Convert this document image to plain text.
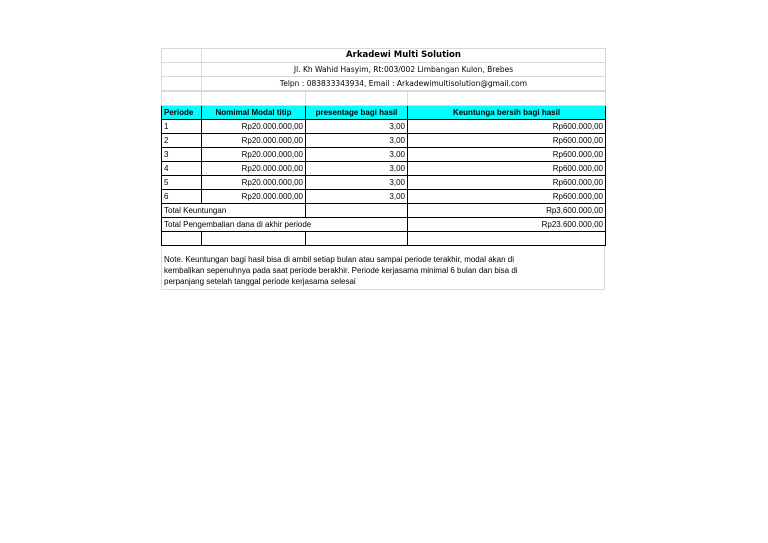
	Arkadewi Multi Solution
	Jl. Kh Wahid Hasyim, Rt:003/002 Limbangan Kulon, Brebes
	Telpn : 083833343934, Email : Arkadewimultisolution@gmail.com

Periode	Nomimal Modal titip	presentage bagi hasil	Keuntunga bersih bagi hasil
1	Rp20.000.000,00	3,00	Rp600.000,00
2	Rp20.000.000,00	3,00	Rp600.000,00
3	Rp20.000.000,00	3,00	Rp600.000,00
4	Rp20.000.000,00	3,00	Rp600.000,00
5	Rp20.000.000,00	3,00	Rp600.000,00
6	Rp20.000.000,00	3,00	Rp600.000,00
Total Keuntungan			Rp3.600.000,00
Total Pengembalian dana di akhir periode			Rp23.600.000,00

Note. Keuntungan bagi hasil bisa di ambil setiap bulan atau sampai periode terakhir, modal akan di
kembalikan sepenuhnya pada saat periode berakhir. Periode kerjasama minimal 6 bulan dan bisa di
perpanjang setelah tanggal periode kerjasama selesai
